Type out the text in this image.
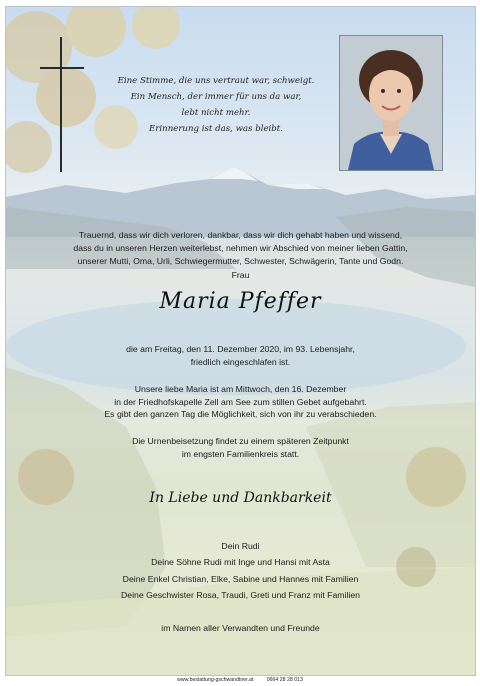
Eine Stimme, die uns vertraut war, schweigt.
Ein Mensch, der immer für uns da war,
lebt nicht mehr.
Erinnerung ist das, was bleibt.
Trauernd, dass wir dich verloren, dankbar, dass wir dich gehabt haben und wissend,
dass du in unseren Herzen weiterlebst, nehmen wir Abschied von meiner lieben Gattin,
unserer Mutti, Oma, Urli, Schwiegermutter, Schwester, Schwägerin, Tante und Godn.
Frau
Maria Pfeffer
die am Freitag, den 11. Dezember 2020, im 93. Lebensjahr,
friedlich eingeschlafen ist.
Unsere liebe Maria ist am Mittwoch, den 16. Dezember
in der Friedhofskapelle Zell am See zum stillen Gebet aufgebahrt.
Es gibt den ganzen Tag die Möglichkeit, sich von ihr zu verabschieden.
Die Urnenbeisetzung findet zu einem späteren Zeitpunkt
im engsten Familienkreis statt.
In Liebe und Dankbarkeit
Dein Rudi
Deine Söhne Rudi mit Inge und Hansi mit Asta
Deine Enkel Christian, Elke, Sabine und Hannes mit Familien
Deine Geschwister Rosa, Traudi, Greti und Franz mit Familien

im Namen aller Verwandten und Freunde
www.bestattung-gschwandtner.at	0664 28 28 013
